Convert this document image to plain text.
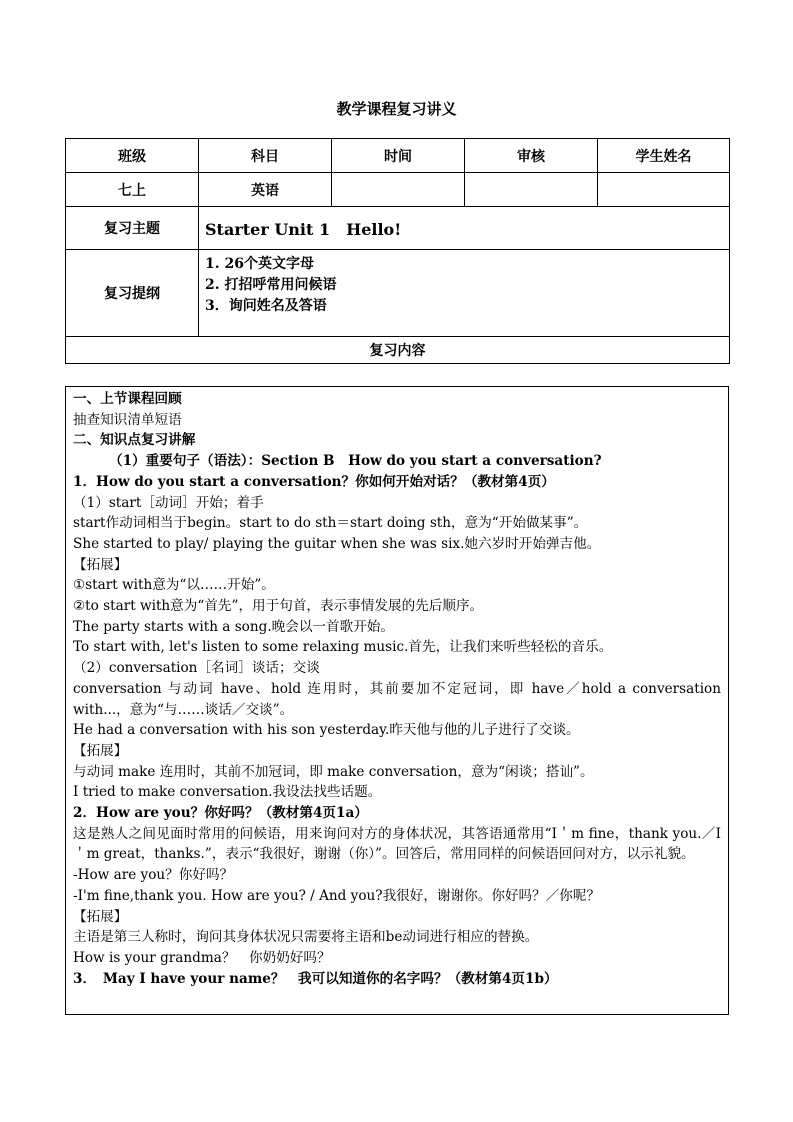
教学课程复习讲义
班级	科目	时间	审核	学生姓名
七上	英语			
复习主题	Starter Unit 1　Hello!			
复习提纲	1. 26个英文字母
2. 打招呼常用问候语
3．询问姓名及答语			

复习内容				
一、上节课程回顾
抽查知识清单短语
二、知识点复习讲解
（1）重要句子（语法）：Section B　How do you start a conversation?
1．How do you start a conversation？你如何开始对话？（教材第4页）
（1）start［动词］开始；着手
start作动词相当于begin。start to do sth＝start doing sth，意为“开始做某事”。
She started to play/ playing the guitar when she was six.她六岁时开始弹吉他。
【拓展】
①start with意为“以……开始”。
②to start with意为“首先”，用于句首，表示事情发展的先后顺序。
The party starts with a song.晚会以一首歌开始。
To start with, let's listen to some relaxing music.首先，让我们来听些轻松的音乐。
（2）conversation［名词］谈话；交谈
conversation 与动词 have、hold 连用时，其前要加不定冠词，即 have／hold a conversation with...，意为“与……谈话／交谈”。
He had a conversation with his son yesterday.昨天他与他的儿子进行了交谈。
【拓展】
与动词 make 连用时，其前不加冠词，即 make conversation，意为“闲谈；搭讪”。
I tried to make conversation.我设法找些话题。
2．How are you？你好吗？（教材第4页1a）
这是熟人之间见面时常用的问候语，用来询问对方的身体状况，其答语通常用“I＇m fine，thank you.／I＇m great，thanks.”，表示“我很好，谢谢（你）”。回答后，常用同样的问候语回问对方，以示礼貌。
-How are you？你好吗？
-I'm fine,thank you. How are you? / And you?我很好，谢谢你。你好吗？／你呢？
【拓展】
主语是第三人称时，询问其身体状况只需要将主语和be动词进行相应的替换。
How is your grandma？　你奶奶好吗？
3．　May I have your name？　我可以知道你的名字吗？（教材第4页1b）
